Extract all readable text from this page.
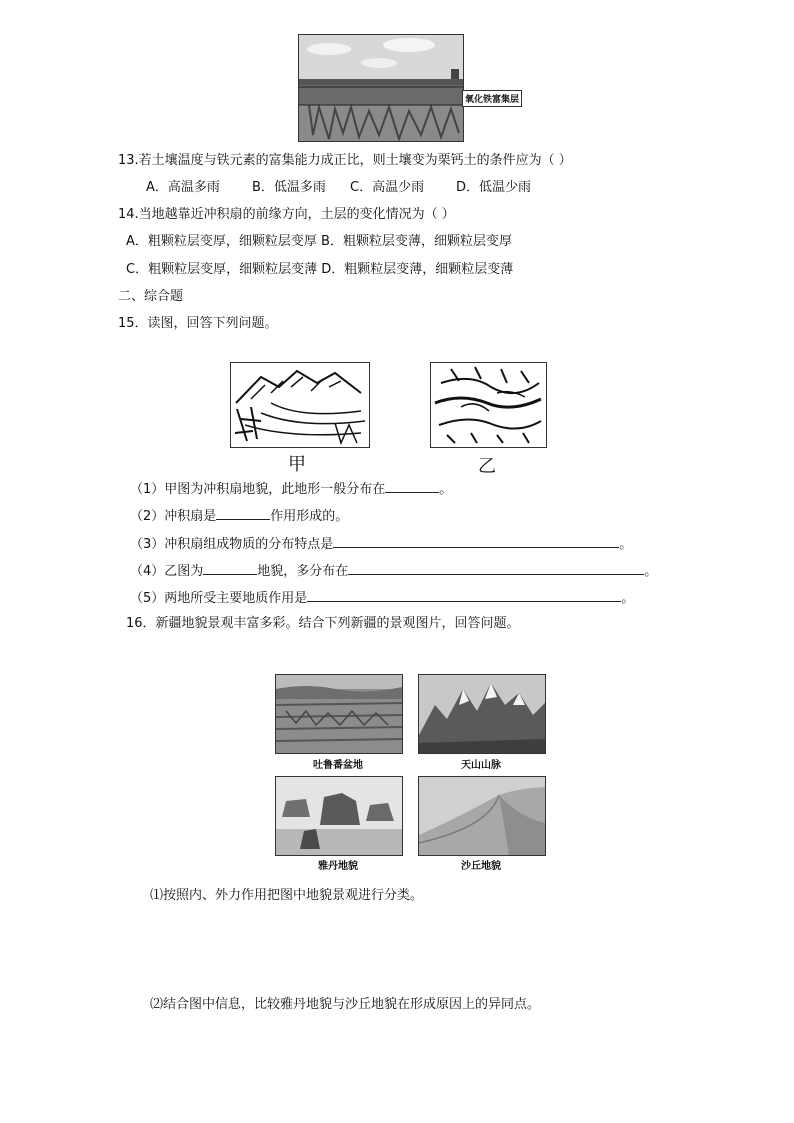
氧化铁富集层
13.若土壤温度与铁元素的富集能力成正比，则土壤变为栗钙土的条件应为（ ）
A．高温多雨 B．低温多雨 C．高温少雨 D．低温少雨
14.当地越靠近冲积扇的前缘方向，土层的变化情况为（ ）
A．粗颗粒层变厚，细颗粒层变厚 B．粗颗粒层变薄，细颗粒层变厚
C．粗颗粒层变厚，细颗粒层变薄 D．粗颗粒层变薄，细颗粒层变薄
二、综合题
15．读图，回答下列问题。
甲	乙
（1）甲图为冲积扇地貌，此地形一般分布在	。
（2）冲积扇是	作用形成的。
（3）冲积扇组成物质的分布特点是	。
（4）乙图为	地貌，多分布在	。
（5）两地所受主要地质作用是	。
16．新疆地貌景观丰富多彩。结合下列新疆的景观图片，回答问题。
吐鲁番盆地	天山山脉
雅丹地貌	沙丘地貌
⑴按照内、外力作用把图中地貌景观进行分类。
⑵结合图中信息，比较雅丹地貌与沙丘地貌在形成原因上的异同点。
